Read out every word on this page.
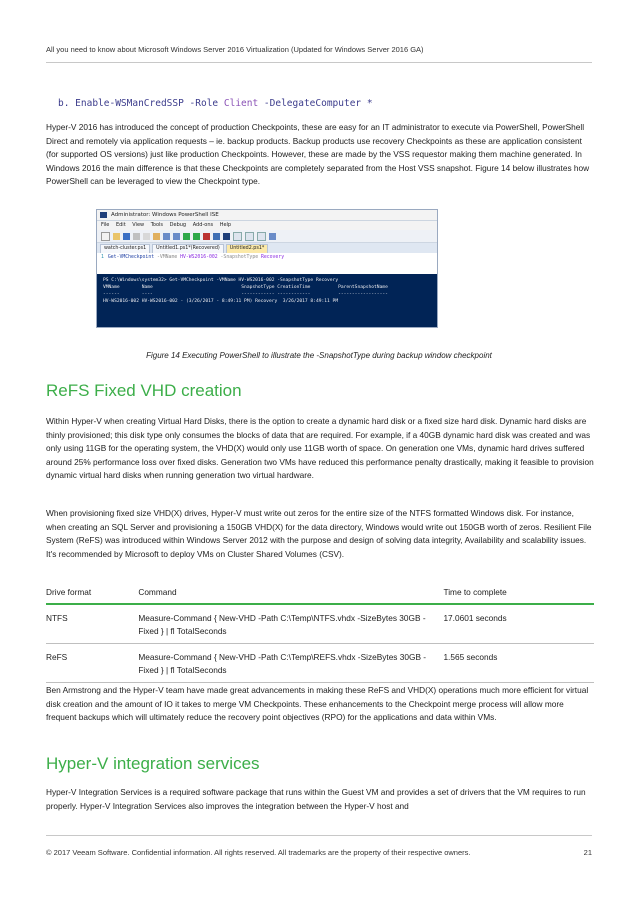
All you need to know about Microsoft Windows Server 2016 Virtualization (Updated for Windows Server 2016 GA)
b. Enable-WSManCredSSP -Role Client -DelegateComputer *

Hyper-V 2016 has introduced the concept of production Checkpoints, these are easy for an IT administrator to execute via PowerShell, PowerShell Direct and remotely via application requests – ie. backup products. Backup products use recovery Checkpoints as these are application consistent (for supported OS versions) just like production Checkpoints. However, these are made by the VSS requestor making them machine generated. In Windows 2016 the main difference is that these Checkpoints are completely separated from the Host VSS snapshot. Figure 14 below illustrates how PowerShell can be leveraged to view the Checkpoint type.

Administrator: Windows PowerShell ISE
File Edit View Tools Debug Add-ons Help
watch-cluster.ps1	Untitled1.ps1*(Recovered)	Untitled2.ps1*
1 Get-VMCheckpoint -VMName HV-WS2016-002 -SnapshotType Recovery
PS C:\Windows\system32> Get-VMCheckpoint -VMName HV-WS2016-002 -SnapshotType Recovery
VMName        Name                                SnapshotType CreationTime          ParentSnapshotName
------        ----                                ------------ ------------          ------------------
HV-WS2016-002 HV-WS2016-002 - (3/26/2017 - 8:49:11 PM) Recovery  3/26/2017 8:49:11 PM
Figure 14 Executing PowerShell to illustrate the -SnapshotType during backup window checkpoint
ReFS Fixed VHD creation

Within Hyper-V when creating Virtual Hard Disks, there is the option to create a dynamic hard disk or a fixed size hard disk. Dynamic hard disks are thinly provisioned; this disk type only consumes the blocks of data that are required. For example, if a 40GB dynamic hard disk was created and was only using 11GB for the operating system, the VHD(X) would only use 11GB worth of space. On generation one VMs, dynamic hard drives suffered around 25% performance loss over fixed disks. Generation two VMs have reduced this performance penalty drastically, making it feasible to provision dynamic virtual hard disks when running generation two virtual hardware.

When provisioning fixed size VHD(X) drives, Hyper-V must write out zeros for the entire size of the NTFS formatted Windows disk. For instance, when creating an SQL Server and provisioning a 150GB VHD(X) for the data directory, Windows would write out 150GB worth of zeros. Resilient File System (ReFS) was introduced within Windows Server 2012 with the purpose and design of solving data integrity, Availability and scalability issues. It's recommended by Microsoft to deploy VMs on Cluster Shared Volumes (CSV).

Drive format	Command	Time to complete
NTFS	Measure-Command { New-VHD -Path C:\Temp\NTFS.vhdx -SizeBytes 30GB -Fixed } | fl TotalSeconds	17.0601 seconds
ReFS	Measure-Command { New-VHD -Path C:\Temp\REFS.vhdx -SizeBytes 30GB -Fixed } | fl TotalSeconds	1.565 seconds

Ben Armstrong and the Hyper-V team have made great advancements in making these ReFS and VHD(X) operations much more efficient for virtual disk creation and the amount of IO it takes to merge VM Checkpoints. These enhancements to the Checkpoint merge process will allow more frequent backups which will ultimately reduce the recovery point objectives (RPO) for the applications and data within VMs.

Hyper-V integration services

Hyper-V Integration Services is a required software package that runs within the Guest VM and provides a set of drivers that the VM requires to run properly. Hyper-V Integration Services also improves the integration between the Hyper-V host and

© 2017 Veeam Software. Confidential information. All rights reserved. All trademarks are the property of their respective owners.	21
